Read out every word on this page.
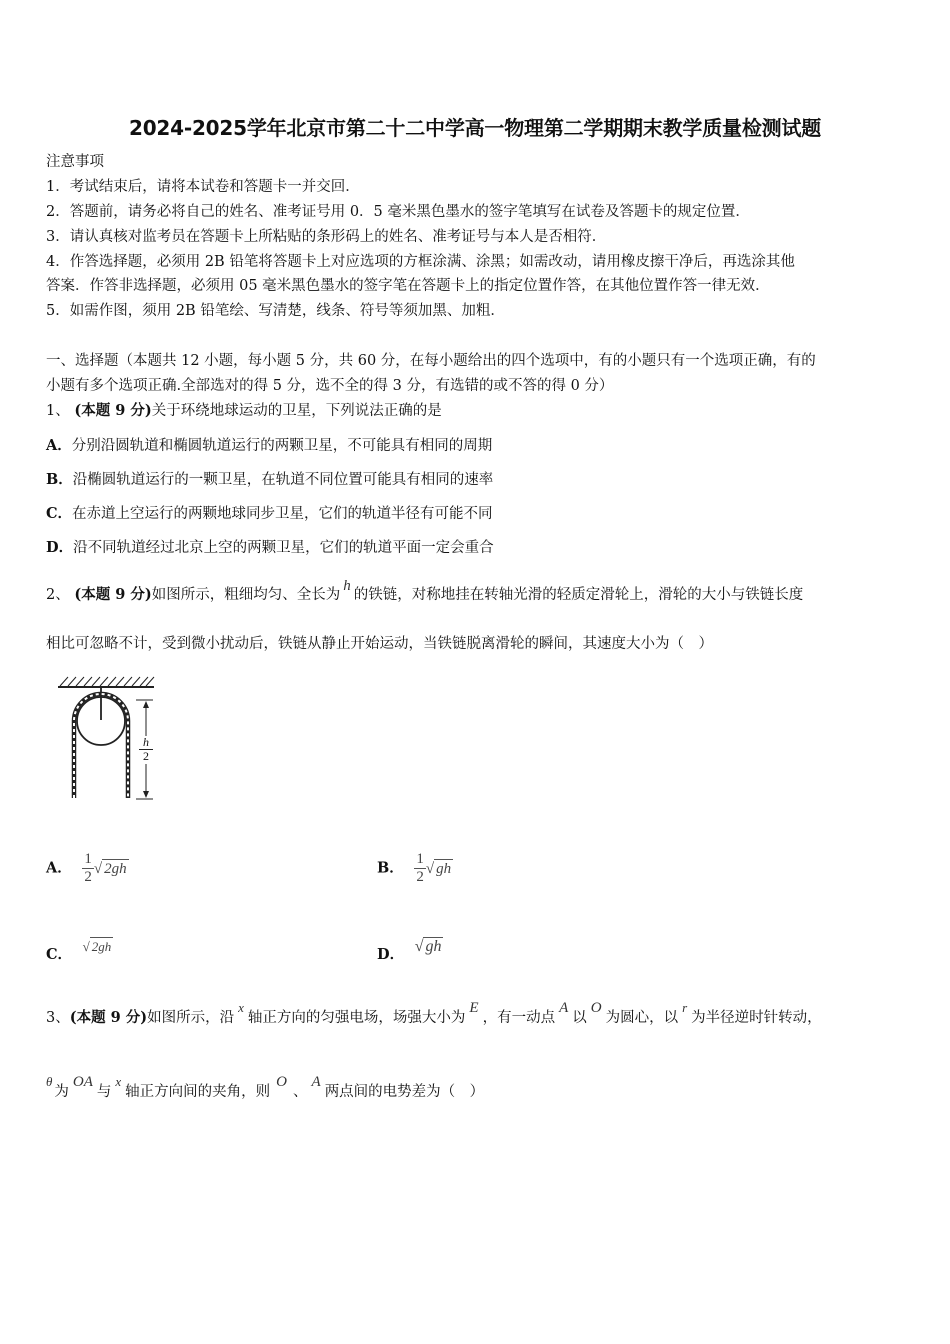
2024-2025学年北京市第二十二中学高一物理第二学期期末教学质量检测试题
注意事项
1．考试结束后，请将本试卷和答题卡一并交回．
2．答题前，请务必将自己的姓名、准考证号用 0．5 毫米黑色墨水的签字笔填写在试卷及答题卡的规定位置．
3．请认真核对监考员在答题卡上所粘贴的条形码上的姓名、准考证号与本人是否相符．
4．作答选择题，必须用 2B 铅笔将答题卡上对应选项的方框涂满、涂黑；如需改动，请用橡皮擦干净后，再选涂其他
答案．作答非选择题，必须用 05 毫米黑色墨水的签字笔在答题卡上的指定位置作答，在其他位置作答一律无效．
5．如需作图，须用 2B 铅笔绘、写清楚，线条、符号等须加黑、加粗．
一、选择题（本题共 12 小题，每小题 5 分，共 60 分，在每小题给出的四个选项中，有的小题只有一个选项正确，有的
小题有多个选项正确.全部选对的得 5 分，选不全的得 3 分，有选错的或不答的得 0 分）
1、 (本题 9 分)关于环绕地球运动的卫星，下列说法正确的是
A．分别沿圆轨道和椭圆轨道运行的两颗卫星，不可能具有相同的周期
B．沿椭圆轨道运行的一颗卫星，在轨道不同位置可能具有相同的速率
C．在赤道上空运行的两颗地球同步卫星，它们的轨道半径有可能不同
D．沿不同轨道经过北京上空的两颗卫星，它们的轨道平面一定会重合
2、 (本题 9 分)如图所示，粗细均匀、全长为h的铁链，对称地挂在转轴光滑的轻质定滑轮上，滑轮的大小与铁链长度
相比可忽略不计，受到微小扰动后，铁链从静止开始运动，当铁链脱离滑轮的瞬间，其速度大小为（　）
$\frac{h}{2}$
A． $\frac{1}{2}$ √ 2gh	B． $\frac{1}{2}$ √ gh
C． √ 2gh	D． √ gh
3、(本题 9 分)如图所示，沿x轴正方向的匀强电场，场强大小为E，有一动点A以O为圆心，以r为半径逆时针转动，
θ为OA与x轴正方向间的夹角，则O、A两点间的电势差为（　）
